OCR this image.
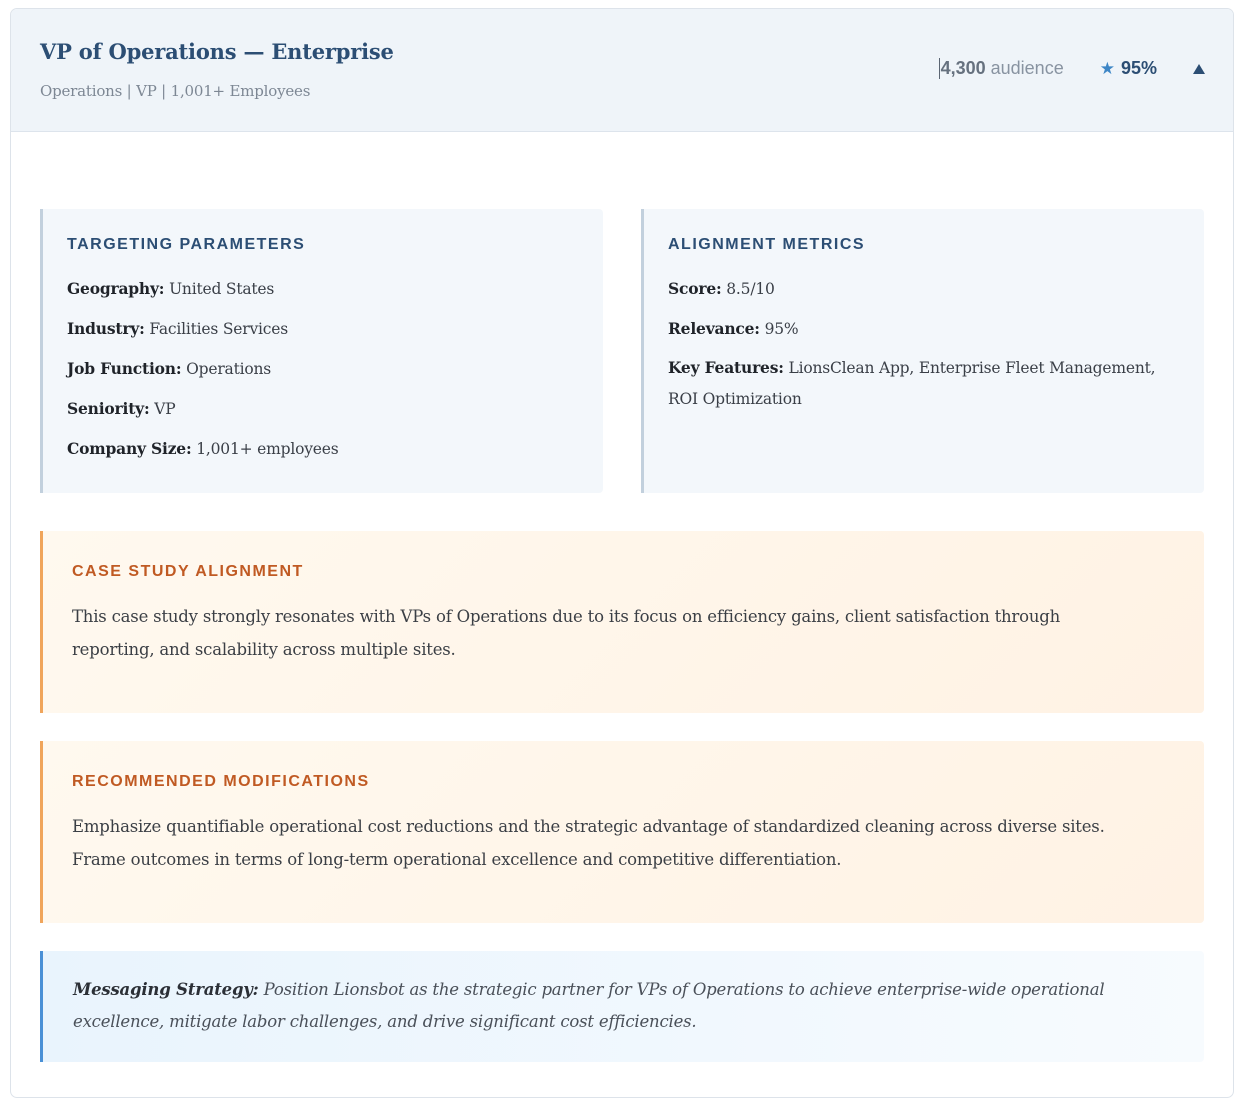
VP of Operations — Enterprise
Operations | VP | 1,001+ Employees
4,300 audience ★ 95%
TARGETING PARAMETERS
Geography: United States
Industry: Facilities Services
Job Function: Operations
Seniority: VP
Company Size: 1,001+ employees
ALIGNMENT METRICS
Score: 8.5/10
Relevance: 95%
Key Features: LionsClean App, Enterprise Fleet Management, ROI Optimization
CASE STUDY ALIGNMENT
This case study strongly resonates with VPs of Operations due to its focus on efficiency gains, client satisfaction through reporting, and scalability across multiple sites.
RECOMMENDED MODIFICATIONS
Emphasize quantifiable operational cost reductions and the strategic advantage of standardized cleaning across diverse sites. Frame outcomes in terms of long-term operational excellence and competitive differentiation.
Messaging Strategy: Position Lionsbot as the strategic partner for VPs of Operations to achieve enterprise-wide operational excellence, mitigate labor challenges, and drive significant cost efficiencies.
